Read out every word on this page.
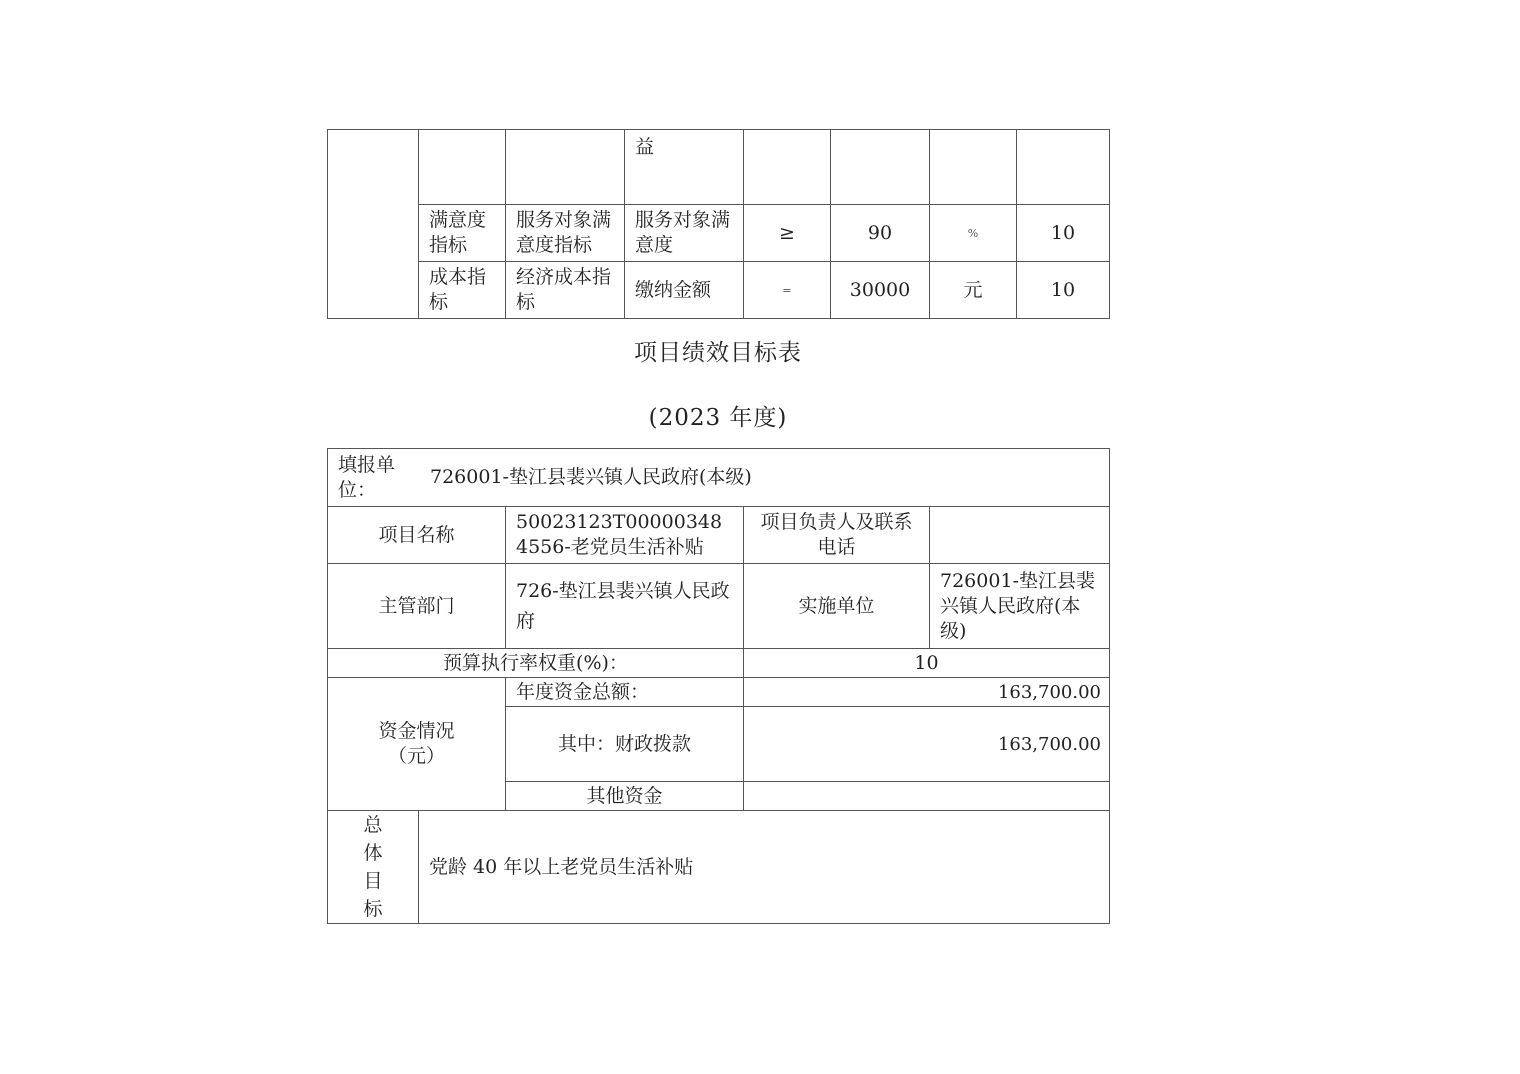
			益				
	满意度指标	服务对象满意度指标	服务对象满意度	≥	90	%	10
	成本指标	经济成本指标	缴纳金额	=	30000	元	10
项目绩效目标表
(2023 年度)
填报单位：
726001-垫江县裴兴镇人民政府(本级)				

项目名称		50023123T000003484556-老党员生活补贴	项目负责人及联系电话	
主管部门		726-垫江县裴兴镇人民政府	实施单位	726001-垫江县裴兴镇人民政府(本级)
预算执行率权重(%)：			10	
资金情况（元）		年度资金总额：	163,700.00	
		其中：财政拨款	163,700.00	
		其他资金		

总
体
目
标	党龄 40 年以上老党员生活补贴			
